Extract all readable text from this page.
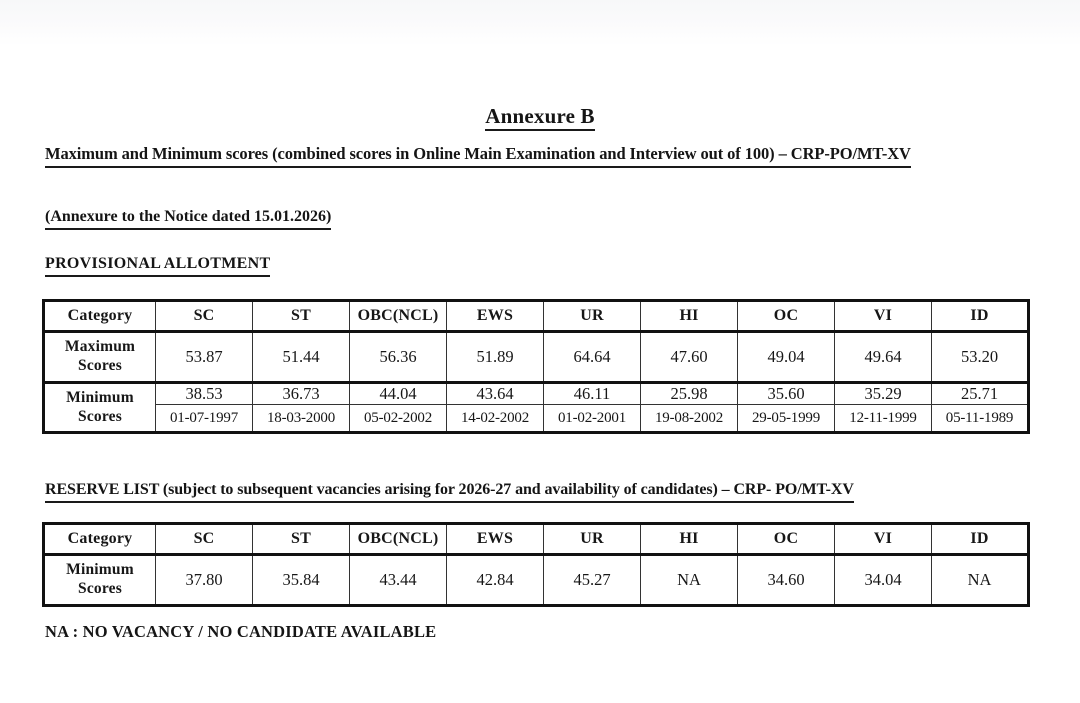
Annexure B
Maximum and Minimum scores (combined scores in Online Main Examination and Interview out of 100) – CRP-PO/MT-XV
(Annexure to the Notice dated 15.01.2026)
PROVISIONAL ALLOTMENT
Category	SC	ST	OBC(NCL)	EWS	UR	HI	OC	VI	ID

Maximum
Scores	53.87	51.44	56.36	51.89	64.64	47.60	49.04	49.64	53.20

Minimum
Scores	38.53	36.73	44.04	43.64	46.11	25.98	35.60	35.29	25.71
	01-07-1997	18-03-2000	05-02-2002	14-02-2002	01-02-2001	19-08-2002	29-05-1999	12-11-1999	05-11-1989
RESERVE LIST (subject to subsequent vacancies arising for 2026-27 and availability of candidates) – CRP- PO/MT-XV
Category	SC	ST	OBC(NCL)	EWS	UR	HI	OC	VI	ID

Minimum
Scores	37.80	35.84	43.44	42.84	45.27	NA	34.60	34.04	NA
NA : NO VACANCY / NO CANDIDATE AVAILABLE
